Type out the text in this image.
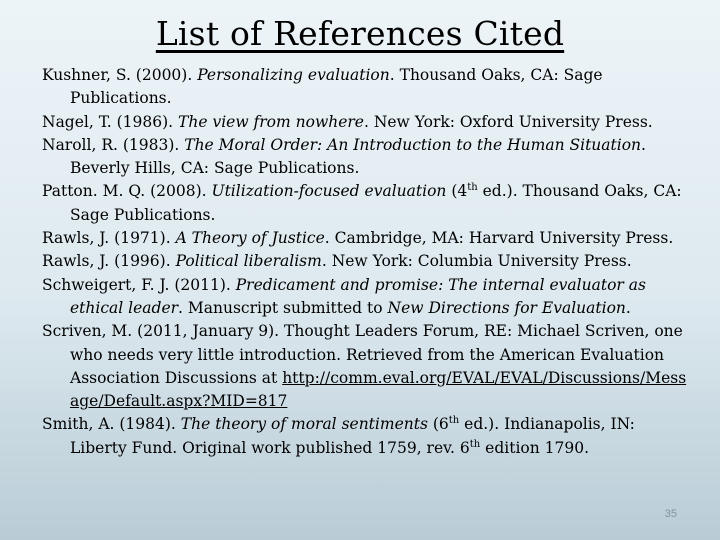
List of References Cited
Kushner, S. (2000). Personalizing evaluation. Thousand Oaks, CA: Sage Publications.
Nagel, T. (1986). The view from nowhere. New York: Oxford University Press.
Naroll, R. (1983). The Moral Order: An Introduction to the Human Situation. Beverly Hills, CA: Sage Publications.
Patton. M. Q. (2008). Utilization-focused evaluation (4th ed.). Thousand Oaks, CA: Sage Publications.
Rawls, J. (1971). A Theory of Justice. Cambridge, MA: Harvard University Press.
Rawls, J. (1996). Political liberalism. New York: Columbia University Press.
Schweigert, F. J. (2011). Predicament and promise: The internal evaluator as ethical leader. Manuscript submitted to New Directions for Evaluation.
Scriven, M. (2011, January 9). Thought Leaders Forum, RE: Michael Scriven, one who needs very little introduction. Retrieved from the American Evaluation Association Discussions at http://comm.eval.org/EVAL/EVAL/Discussions/Message/Default.aspx?MID=817
Smith, A. (1984). The theory of moral sentiments (6th ed.). Indianapolis, IN: Liberty Fund. Original work published 1759, rev. 6th edition 1790.
35
